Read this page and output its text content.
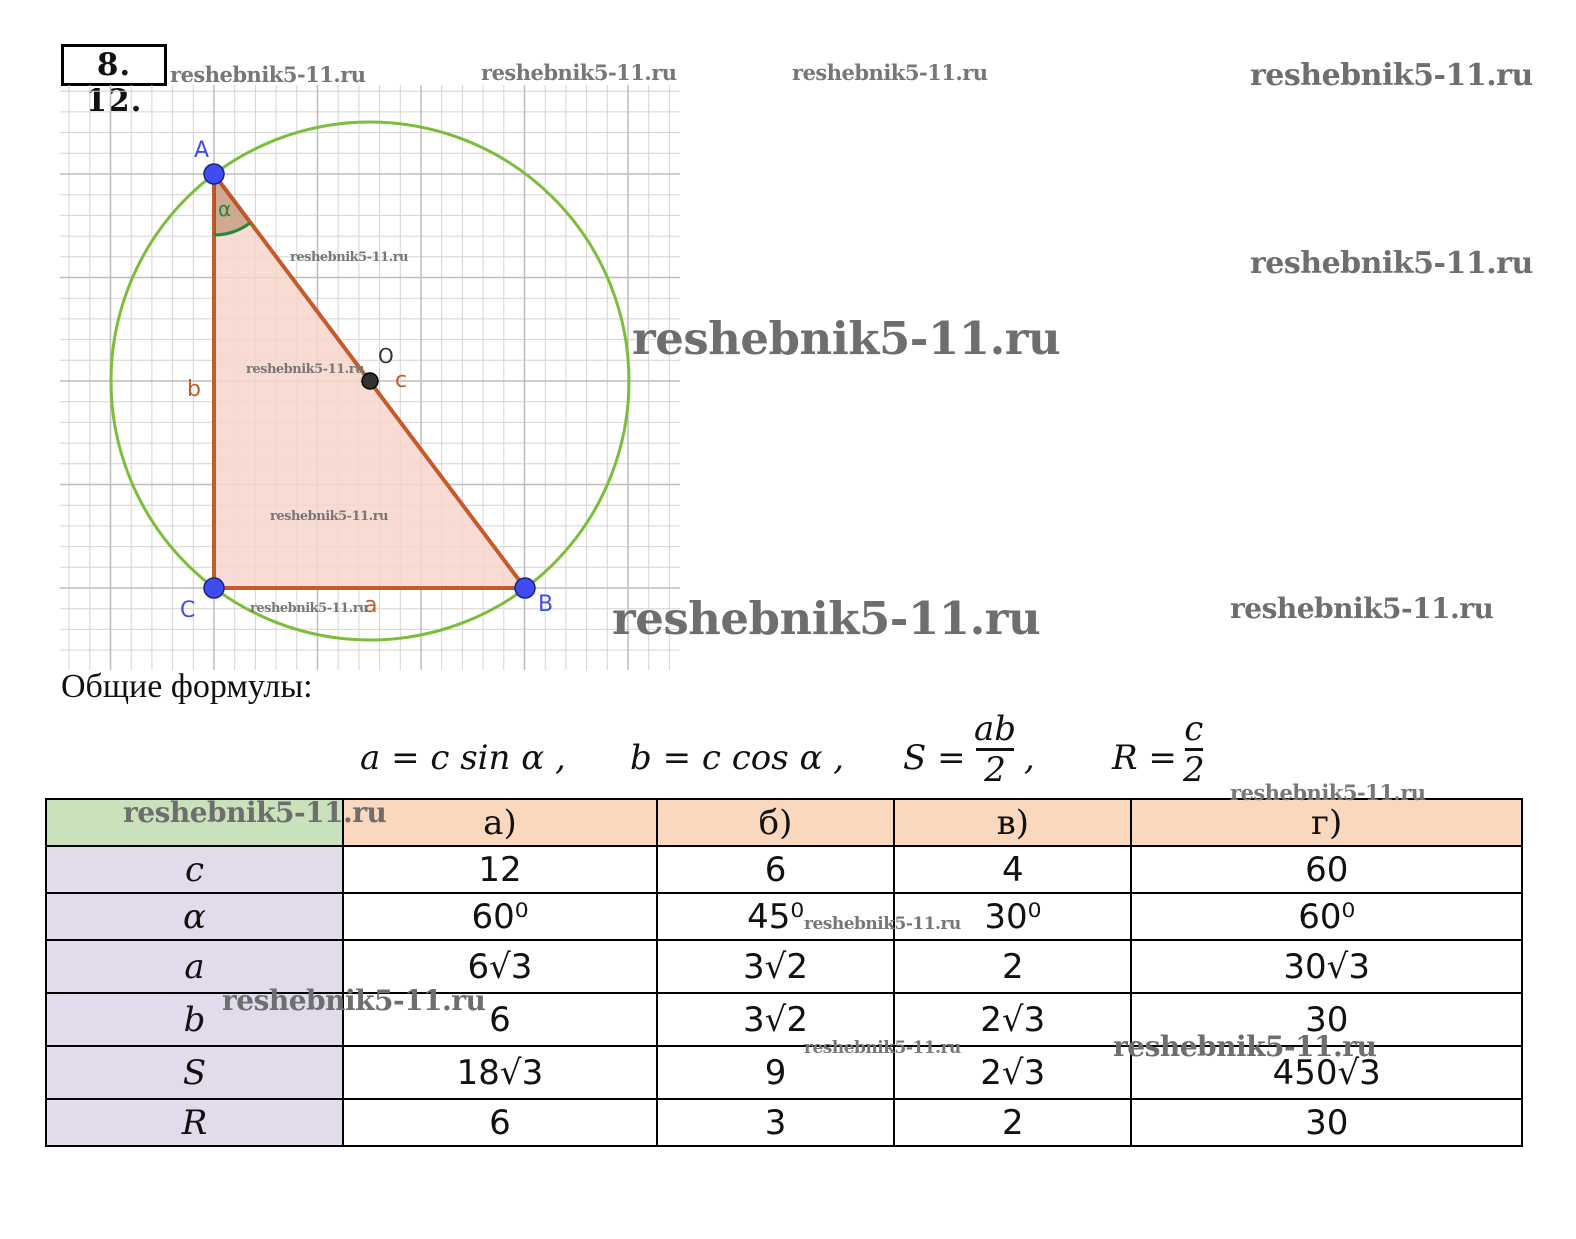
8. 12.
A
C	B
O
b	c
a
α
reshebnik5-11.ru	reshebnik5-11.ru	reshebnik5-11.ru	reshebnik5-11.ru
reshebnik5-11.ru
reshebnik5-11.ru
reshebnik5-11.ru
reshebnik5-11.ru
reshebnik5-11.ru
reshebnik5-11.ru
reshebnik5-11.ru	reshebnik5-11.ru
Общие формулы:
a = c sin α , b = c cos α , S =
ab
2 , R =
c
2
	а)	б)	в)	г)
c	12	6	4	60
α	60⁰	45⁰	30⁰	60⁰
a	6√3	3√2	2	30√3
b	6	3√2	2√3	30
S	18√3	9	2√3	450√3
R	6	3	2	30
reshebnik5-11.ru
reshebnik5-11.ru
reshebnik5-11.ru
reshebnik5-11.ru
reshebnik5-11.ru	reshebnik5-11.ru
